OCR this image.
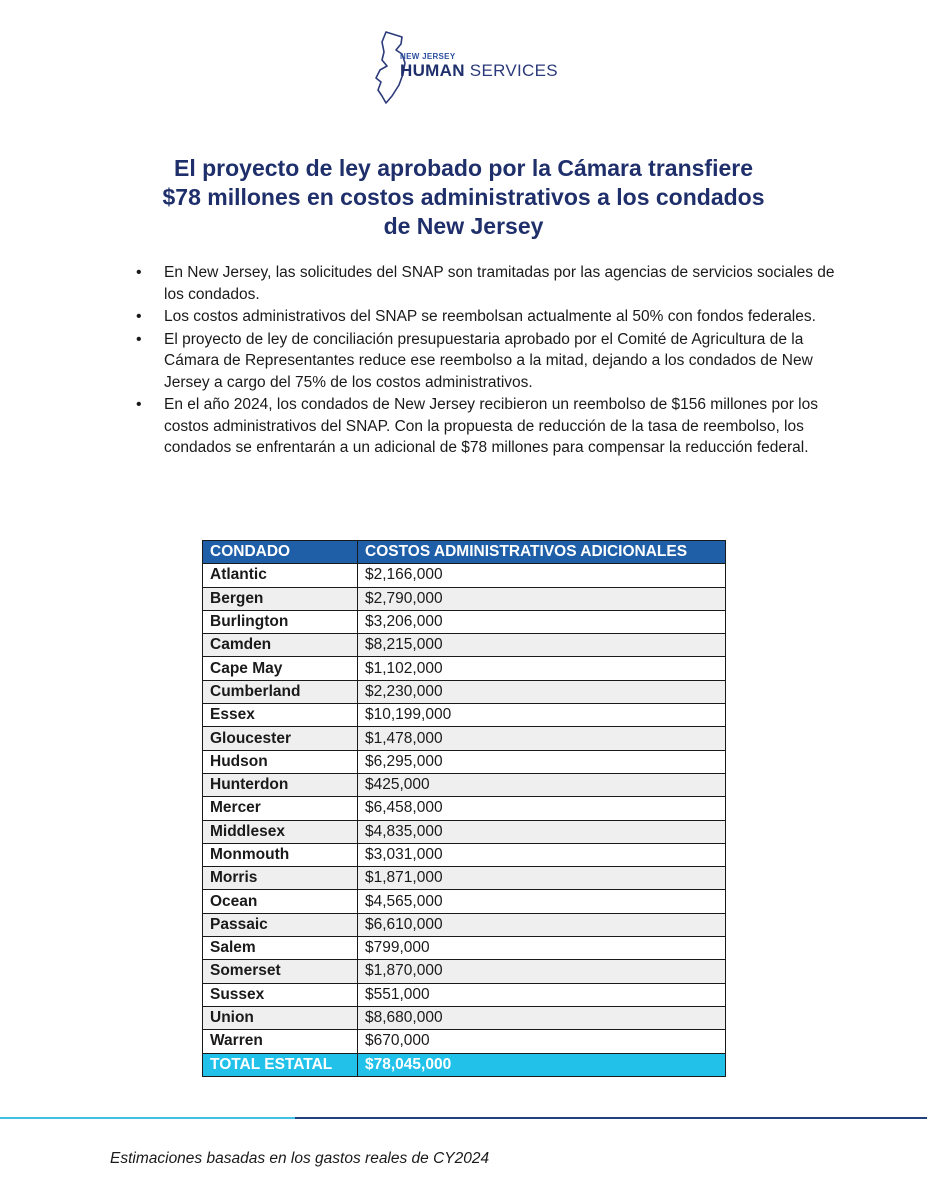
NEW JERSEY
HUMAN SERVICES
El proyecto de ley aprobado por la Cámara transfiere
$78 millones en costos administrativos a los condados
de New Jersey
• En New Jersey, las solicitudes del SNAP son tramitadas por las agencias de servicios sociales de los condados.
• Los costos administrativos del SNAP se reembolsan actualmente al 50% con fondos federales.
• El proyecto de ley de conciliación presupuestaria aprobado por el Comité de Agricultura de la Cámara de Representantes reduce ese reembolso a la mitad, dejando a los condados de New Jersey a cargo del 75% de los costos administrativos.
• En el año 2024, los condados de New Jersey recibieron un reembolso de $156 millones por los costos administrativos del SNAP. Con la propuesta de reducción de la tasa de reembolso, los condados se enfrentarán a un adicional de $78 millones para compensar la reducción federal.
CONDADO	COSTOS ADMINISTRATIVOS ADICIONALES
Atlantic	$2,166,000
Bergen	$2,790,000
Burlington	$3,206,000
Camden	$8,215,000
Cape May	$1,102,000
Cumberland	$2,230,000
Essex	$10,199,000
Gloucester	$1,478,000
Hudson	$6,295,000
Hunterdon	$425,000
Mercer	$6,458,000
Middlesex	$4,835,000
Monmouth	$3,031,000
Morris	$1,871,000
Ocean	$4,565,000
Passaic	$6,610,000
Salem	$799,000
Somerset	$1,870,000
Sussex	$551,000
Union	$8,680,000
Warren	$670,000
TOTAL ESTATAL	$78,045,000
Estimaciones basadas en los gastos reales de CY2024
